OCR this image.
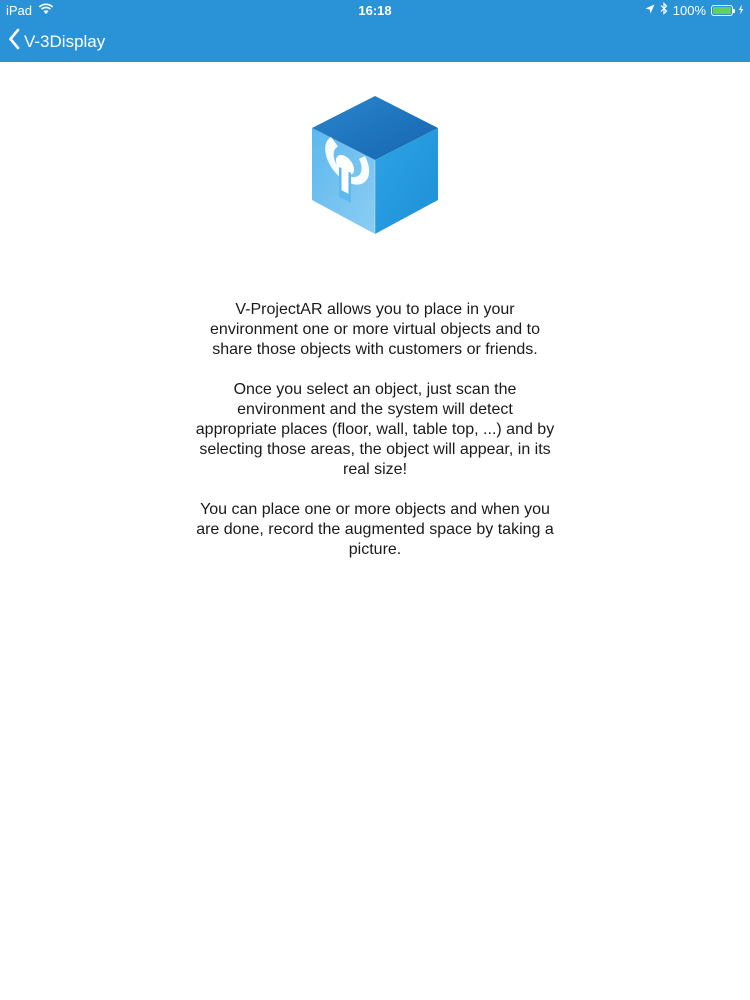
iPad	16:18	100%
V-3Display

V-ProjectAR allows you to place in your environment one or more virtual objects and to share those objects with customers or friends.

Once you select an object, just scan the environment and the system will detect appropriate places (floor, wall, table top, ...) and by selecting those areas, the object will appear, in its real size!

You can place one or more objects and when you are done, record the augmented space by taking a picture.
